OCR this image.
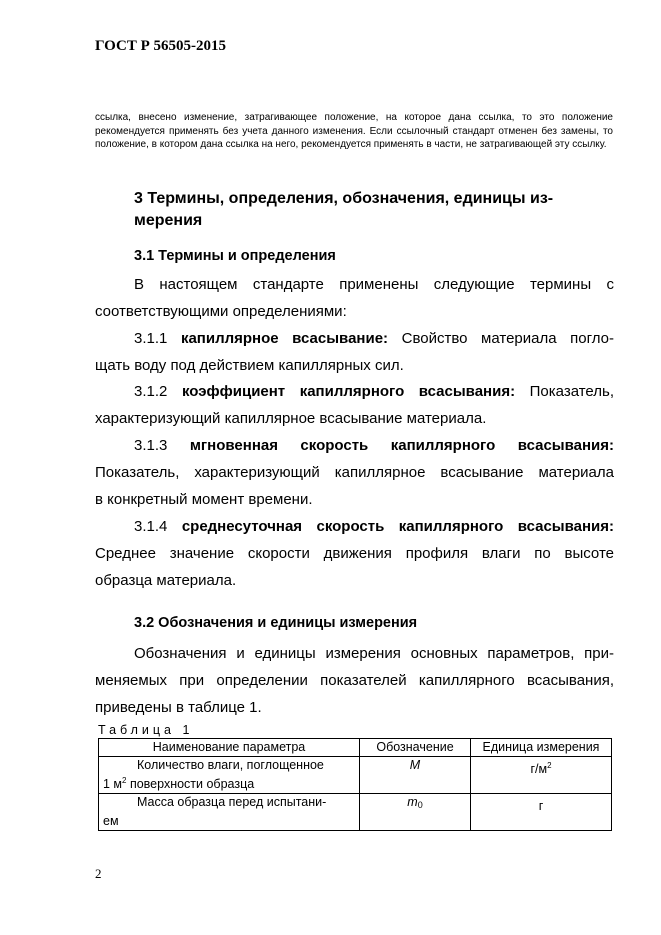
ГОСТ Р 56505-2015

ссылка, внесено изменение, затрагивающее положение, на которое дана ссылка, то это положение рекомендуется применять без учета данного изменения. Если ссылочный стандарт отменен без замены, то положение, в котором дана ссылка на него, рекомендуется применять в части, не затрагивающей эту ссылку.

3 Термины, определения, обозначения, единицы из-
мерения
3.1 Термины и определения
В настоящем стандарте применены следующие термины с
соответствующими определениями:
3.1.1 капиллярное всасывание: Свойство материала погло-
щать воду под действием капиллярных сил.
3.1.2 коэффициент капиллярного всасывания: Показатель,
характеризующий капиллярное всасывание материала.
3.1.3 мгновенная скорость капиллярного всасывания:
Показатель, характеризующий капиллярное всасывание материала
в конкретный момент времени.
3.1.4 среднесуточная скорость капиллярного всасывания:
Среднее значение скорости движения профиля влаги по высоте
образца материала.
3.2 Обозначения и единицы измерения
Обозначения и единицы измерения основных параметров, при-
меняемых при определении показателей капиллярного всасывания,
приведены в таблице 1.
Таблица 1
Наименование параметра	Обозначение	Единица измерения

Количество влаги, поглощенное
1 $м^2$ поверхности образца	M	$г/м^2$

Масса образца перед испытани-
ем	$m_0$	г
2
